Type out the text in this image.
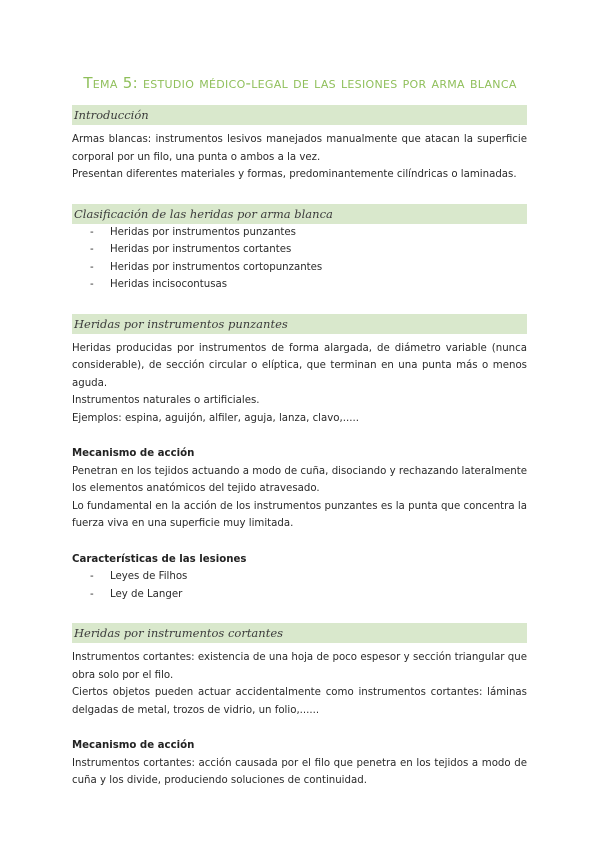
Tema 5: estudio médico-legal de las lesiones por arma blanca
Introducción

Armas blancas: instrumentos lesivos manejados manualmente que atacan la superficie corporal por un filo, una punta o ambos a la vez.

Presentan diferentes materiales y formas, predominantemente cilíndricas o laminadas.

Clasificación de las heridas por arma blanca
- Heridas por instrumentos punzantes
- Heridas por instrumentos cortantes
- Heridas por instrumentos cortopunzantes
- Heridas incisocontusas
Heridas por instrumentos punzantes

Heridas producidas por instrumentos de forma alargada, de diámetro variable (nunca considerable), de sección circular o elíptica, que terminan en una punta más o menos aguda.

Instrumentos naturales o artificiales.

Ejemplos: espina, aguijón, alfiler, aguja, lanza, clavo,.....

Mecanismo de acción

Penetran en los tejidos actuando a modo de cuña, disociando y rechazando lateralmente los elementos anatómicos del tejido atravesado.

Lo fundamental en la acción de los instrumentos punzantes es la punta que concentra la fuerza viva en una superficie muy limitada.

Características de las lesiones
- Leyes de Filhos
- Ley de Langer
Heridas por instrumentos cortantes

Instrumentos cortantes: existencia de una hoja de poco espesor y sección triangular que obra solo por el filo.

Ciertos objetos pueden actuar accidentalmente como instrumentos cortantes: láminas delgadas de metal, trozos de vidrio, un folio,......

Mecanismo de acción

Instrumentos cortantes: acción causada por el filo que penetra en los tejidos a modo de cuña y los divide, produciendo soluciones de continuidad.
